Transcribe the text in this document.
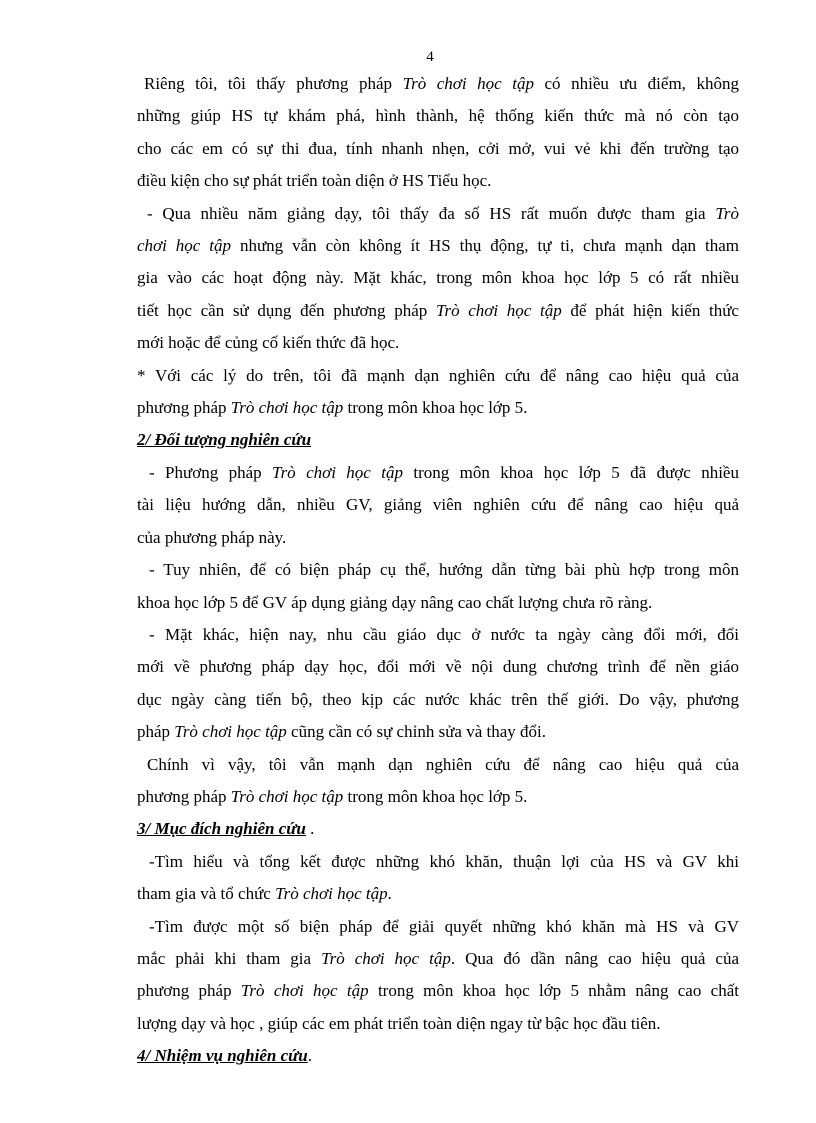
4

Riêng tôi, tôi thấy phương pháp Trò chơi học tập có nhiều ưu điểm, không

những giúp HS tự khám phá, hình thành, hệ thống kiến thức mà nó còn tạo

cho các em có sự thi đua, tính nhanh nhẹn, cởi mở, vui vẻ khi đến trường tạo

điều kiện cho sự phát triển toàn diện ở HS Tiểu học.

- Qua nhiều năm giảng dạy, tôi thấy đa số HS rất muốn được tham gia Trò

chơi học tập nhưng vẫn còn không ít HS thụ động, tự ti, chưa mạnh dạn tham

gia vào các hoạt động này. Mặt khác, trong môn khoa học lớp 5 có rất nhiều

tiết học cần sử dụng đến phương pháp Trò chơi học tập để phát hiện kiến thức

mới hoặc để củng cố kiến thức đã học.

* Với các lý do trên, tôi đã mạnh dạn nghiên cứu để nâng cao hiệu quả của

phương pháp Trò chơi học tập trong môn khoa học lớp 5.

2/ Đối tượng nghiên cứu

- Phương pháp Trò chơi học tập trong môn khoa học lớp 5 đã được nhiều

tài liệu hướng dẫn, nhiều GV, giảng viên nghiên cứu để nâng cao hiệu quả

của phương pháp này.

- Tuy nhiên, để có biện pháp cụ thể, hướng dẫn từng bài phù hợp trong môn

khoa học lớp 5 để GV áp dụng giảng dạy nâng cao chất lượng chưa rõ ràng.

- Mặt khác, hiện nay, nhu cầu giáo dục ở nước ta ngày càng đổi mới, đổi

mới về phương pháp dạy học, đổi mới về nội dung chương trình để nền giáo

dục ngày càng tiến bộ, theo kịp các nước khác trên thế giới. Do vậy, phương

pháp Trò chơi học tập cũng cần có sự chỉnh sửa và thay đổi.

Chính vì vậy, tôi vẫn mạnh dạn nghiên cứu để nâng cao hiệu quả của

phương pháp Trò chơi học tập trong môn khoa học lớp 5.

3/ Mục đích nghiên cứu .

-Tìm hiểu và tổng kết được những khó khăn, thuận lợi của HS và GV khi

tham gia và tổ chức Trò chơi học tập.

-Tìm được một số biện pháp để giải quyết những khó khăn mà HS và GV

mắc phải khi tham gia Trò chơi học tập. Qua đó dần nâng cao hiệu quả của

phương pháp Trò chơi học tập trong môn khoa học lớp 5 nhằm nâng cao chất

lượng dạy và học , giúp các em phát triển toàn diện ngay từ bậc học đầu tiên.

4/ Nhiệm vụ nghiên cứu.
